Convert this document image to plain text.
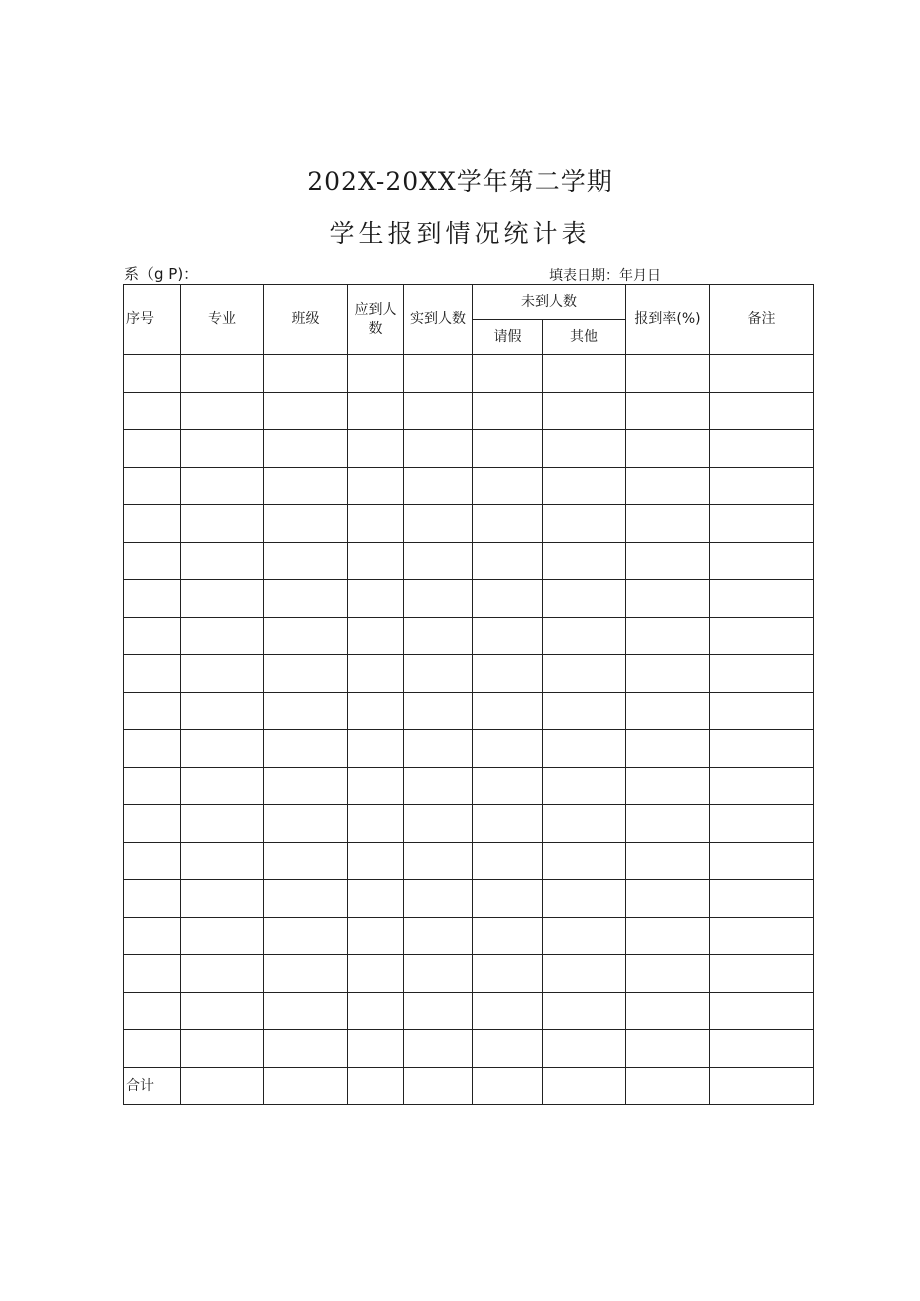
202X-20XX学年第二学期
学生报到情况统计表
系（g P)：	填表日期：年月日
序号	专业	班级	应到人数	实到人数	未到人数		报到率(%)	备注
					请假	其他		

合计								
